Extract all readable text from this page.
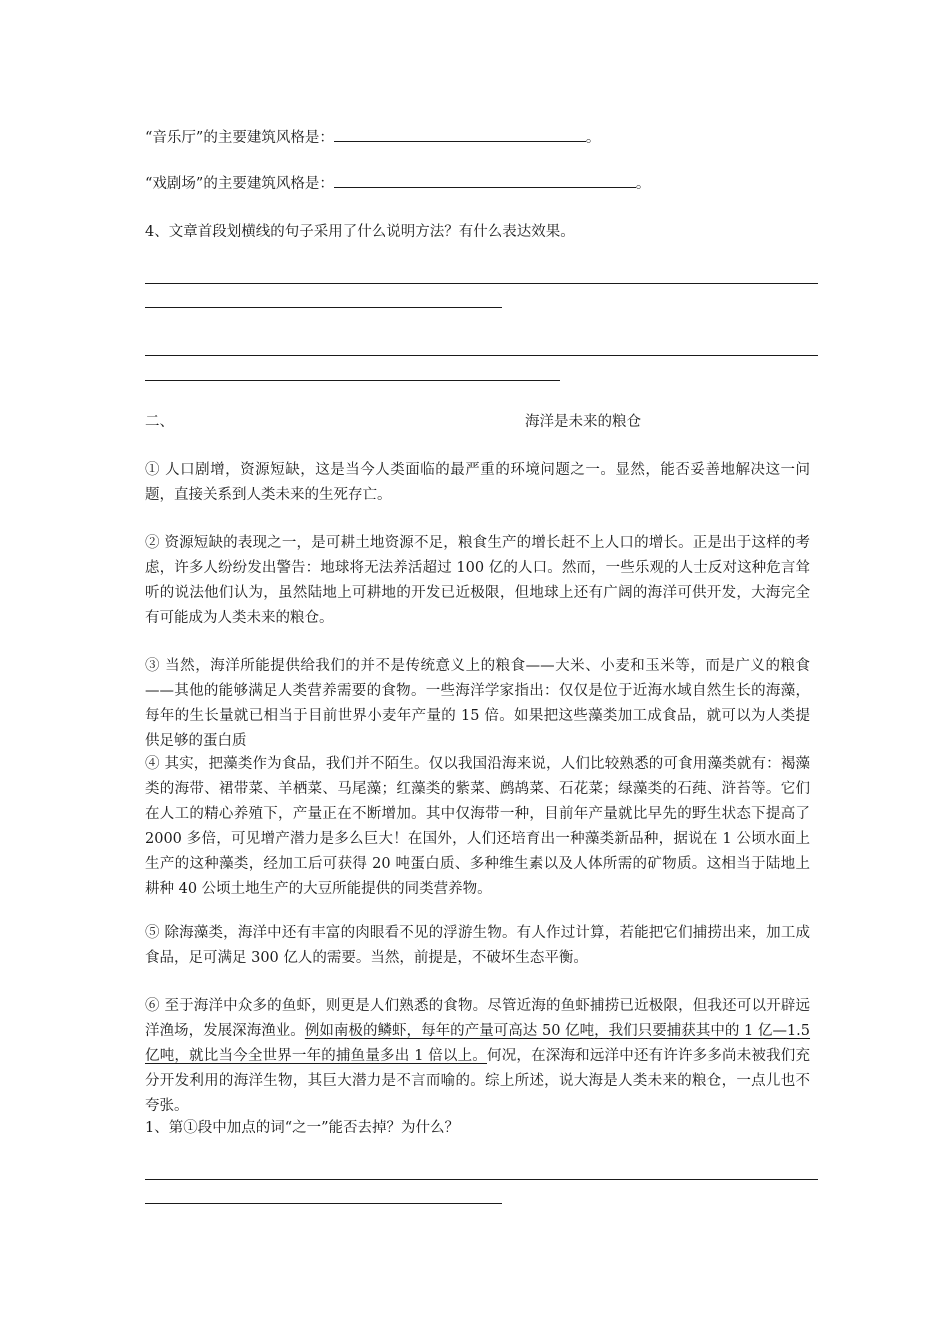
“音乐厅”的主要建筑风格是：	。

“戏剧场”的主要建筑风格是：	。

4、文章首段划横线的句子采用了什么说明方法？有什么表达效果。

二、	海洋是未来的粮仓

① 人口剧增，资源短缺，这是当今人类面临的最严重的环境问题之一。显然，能否妥善地解决这一问题，直接关系到人类未来的生死存亡。

② 资源短缺的表现之一，是可耕土地资源不足，粮食生产的增长赶不上人口的增长。正是出于这样的考虑，许多人纷纷发出警告：地球将无法养活超过 100 亿的人口。然而，一些乐观的人士反对这种危言耸听的说法他们认为，虽然陆地上可耕地的开发已近极限，但地球上还有广阔的海洋可供开发，大海完全有可能成为人类未来的粮仓。

③ 当然，海洋所能提供给我们的并不是传统意义上的粮食——大米、小麦和玉米等，而是广义的粮食——其他的能够满足人类营养需要的食物。一些海洋学家指出：仅仅是位于近海水域自然生长的海藻，每年的生长量就已相当于目前世界小麦年产量的 15 倍。如果把这些藻类加工成食品，就可以为人类提供足够的蛋白质

④ 其实，把藻类作为食品，我们并不陌生。仅以我国沿海来说，人们比较熟悉的可食用藻类就有：褐藻类的海带、裙带菜、羊栖菜、马尾藻；红藻类的紫菜、鹧鸪菜、石花菜；绿藻类的石莼、浒苔等。它们在人工的精心养殖下，产量正在不断增加。其中仅海带一种，目前年产量就比早先的野生状态下提高了 2000 多倍，可见增产潜力是多么巨大！在国外，人们还培育出一种藻类新品种，据说在 1 公顷水面上生产的这种藻类，经加工后可获得 20 吨蛋白质、多种维生素以及人体所需的矿物质。这相当于陆地上耕种 40 公顷土地生产的大豆所能提供的同类营养物。

⑤ 除海藻类，海洋中还有丰富的肉眼看不见的浮游生物。有人作过计算，若能把它们捕捞出来，加工成食品，足可满足 300 亿人的需要。当然，前提是，不破坏生态平衡。

⑥ 至于海洋中众多的鱼虾，则更是人们熟悉的食物。尽管近海的鱼虾捕捞已近极限，但我还可以开辟远洋渔场，发展深海渔业。例如南极的鳞虾，每年的产量可高达 50 亿吨，我们只要捕获其中的 1 亿—1.5 亿吨，就比当今全世界一年的捕鱼量多出 1 倍以上。何况，在深海和远洋中还有许许多多尚未被我们充分开发利用的海洋生物，其巨大潜力是不言而喻的。综上所述，说大海是人类未来的粮仓，一点儿也不夸张。

1、第①段中加点的词“之一”能否去掉？为什么？
